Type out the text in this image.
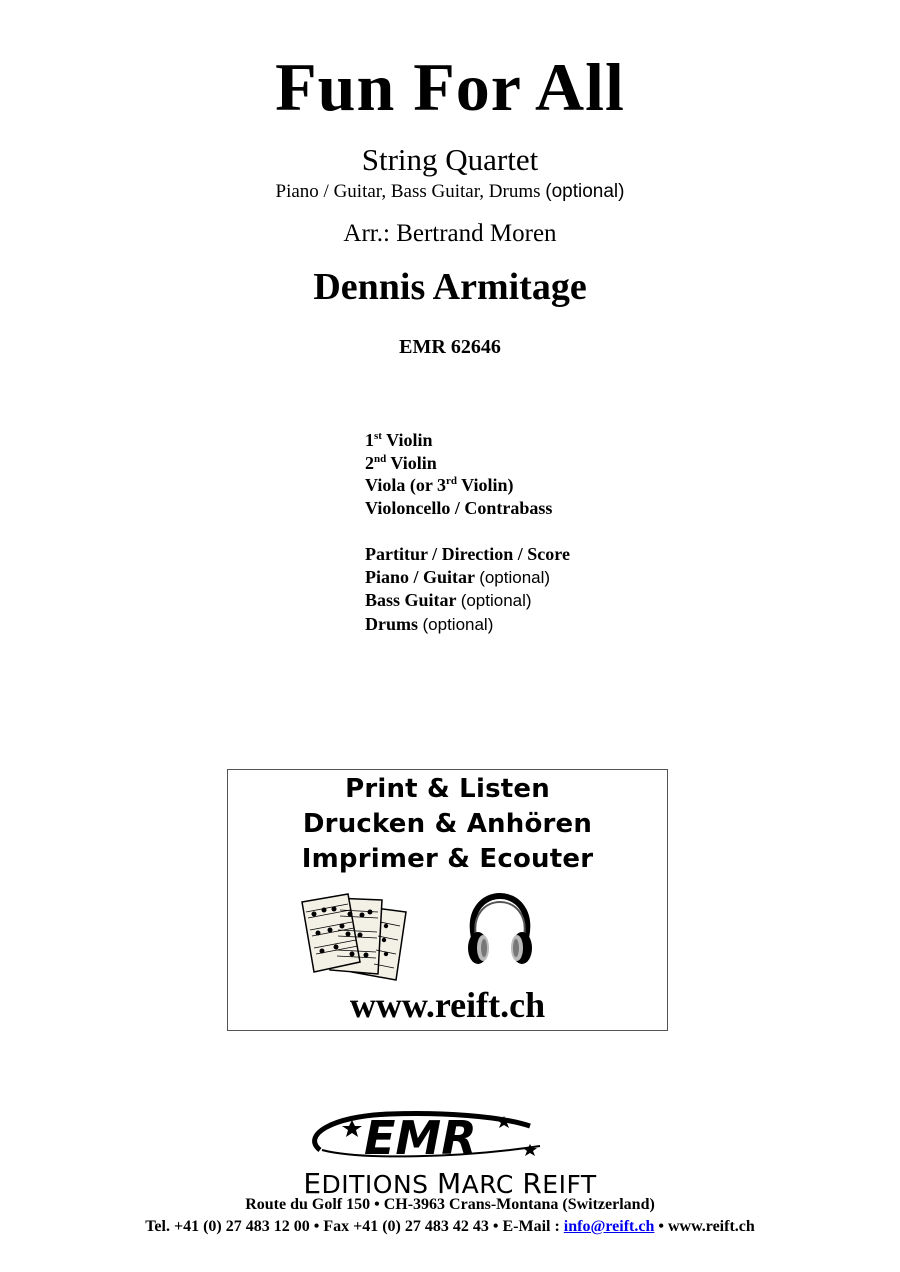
Fun For All
String Quartet
Piano / Guitar, Bass Guitar, Drums (optional)
Arr.: Bertrand Moren
Dennis Armitage
EMR 62646
1st Violin
2nd Violin
Viola (or 3rd Violin)
Violoncello / Contrabass
Partitur / Direction / Score
Piano / Guitar (optional)
Bass Guitar (optional)
Drums (optional)
Print & Listen
Drucken & Anhören
Imprimer & Ecouter
www.reift.ch
EMR
EDITIONS MARC REIFT
Route du Golf 150 • CH-3963 Crans-Montana (Switzerland)
Tel. +41 (0) 27 483 12 00 • Fax +41 (0) 27 483 42 43 • E-Mail : info@reift.ch • www.reift.ch
